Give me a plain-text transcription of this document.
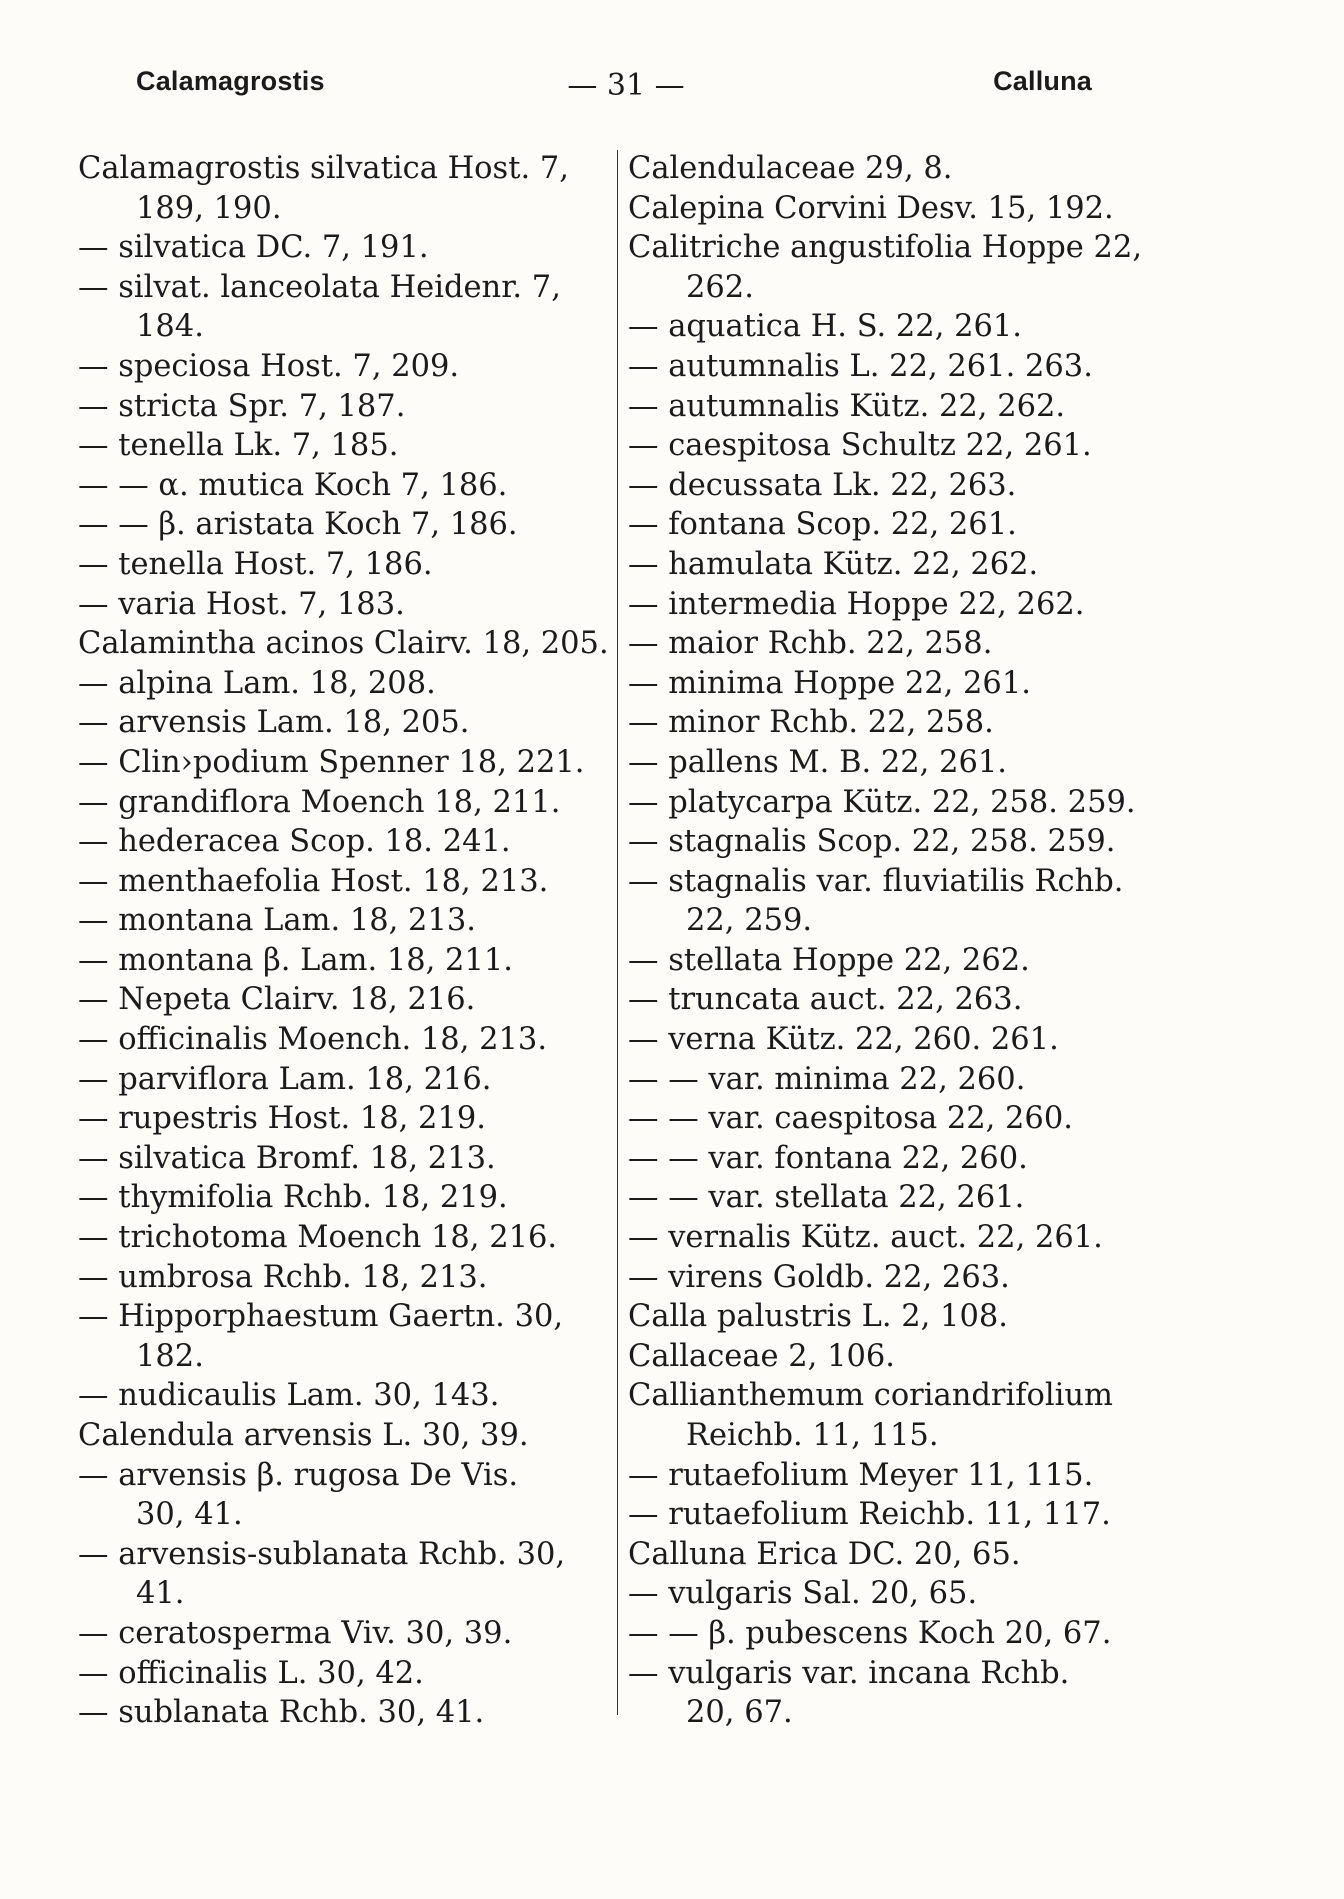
Calamagrostis	— 31 —	Calluna
Calamagrostis silvatica Host. 7,
189, 190.
— silvatica DC. 7, 191.
— silvat. lanceolata Heidenr. 7,
184.
— speciosa Host. 7, 209.
— stricta Spr. 7, 187.
— tenella Lk. 7, 185.
— — α. mutica Koch 7, 186.
— — β. aristata Koch 7, 186.
— tenella Host. 7, 186.
— varia Host. 7, 183.
Calamintha acinos Clairv. 18, 205.
— alpina Lam. 18, 208.
— arvensis Lam. 18, 205.
— Clin›podium Spenner 18, 221.
— grandiflora Moench 18, 211.
— hederacea Scop. 18. 241.
— menthaefolia Host. 18, 213.
— montana Lam. 18, 213.
— montana β. Lam. 18, 211.
— Nepeta Clairv. 18, 216.
— officinalis Moench. 18, 213.
— parviflora Lam. 18, 216.
— rupestris Host. 18, 219.
— silvatica Bromf. 18, 213.
— thymifolia Rchb. 18, 219.
— trichotoma Moench 18, 216.
— umbrosa Rchb. 18, 213.
— Hipporphaestum Gaertn. 30,
182.
— nudicaulis Lam. 30, 143.
Calendula arvensis L. 30, 39.
— arvensis β. rugosa De Vis.
30, 41.
— arvensis-sublanata Rchb. 30,
41.
— ceratosperma Viv. 30, 39.
— officinalis L. 30, 42.
— sublanata Rchb. 30, 41.
Calendulaceae 29, 8.
Calepina Corvini Desv. 15, 192.
Calitriche angustifolia Hoppe 22,
262.
— aquatica H. S. 22, 261.
— autumnalis L. 22, 261. 263.
— autumnalis Kütz. 22, 262.
— caespitosa Schultz 22, 261.
— decussata Lk. 22, 263.
— fontana Scop. 22, 261.
— hamulata Kütz. 22, 262.
— intermedia Hoppe 22, 262.
— maior Rchb. 22, 258.
— minima Hoppe 22, 261.
— minor Rchb. 22, 258.
— pallens M. B. 22, 261.
— platycarpa Kütz. 22, 258. 259.
— stagnalis Scop. 22, 258. 259.
— stagnalis var. fluviatilis Rchb.
22, 259.
— stellata Hoppe 22, 262.
— truncata auct. 22, 263.
— verna Kütz. 22, 260. 261.
— — var. minima 22, 260.
— — var. caespitosa 22, 260.
— — var. fontana 22, 260.
— — var. stellata 22, 261.
— vernalis Kütz. auct. 22, 261.
— virens Goldb. 22, 263.
Calla palustris L. 2, 108.
Callaceae 2, 106.
Callianthemum coriandrifolium
Reichb. 11, 115.
— rutaefolium Meyer 11, 115.
— rutaefolium Reichb. 11, 117.
Calluna Erica DC. 20, 65.
— vulgaris Sal. 20, 65.
— — β. pubescens Koch 20, 67.
— vulgaris var. incana Rchb.
20, 67.
